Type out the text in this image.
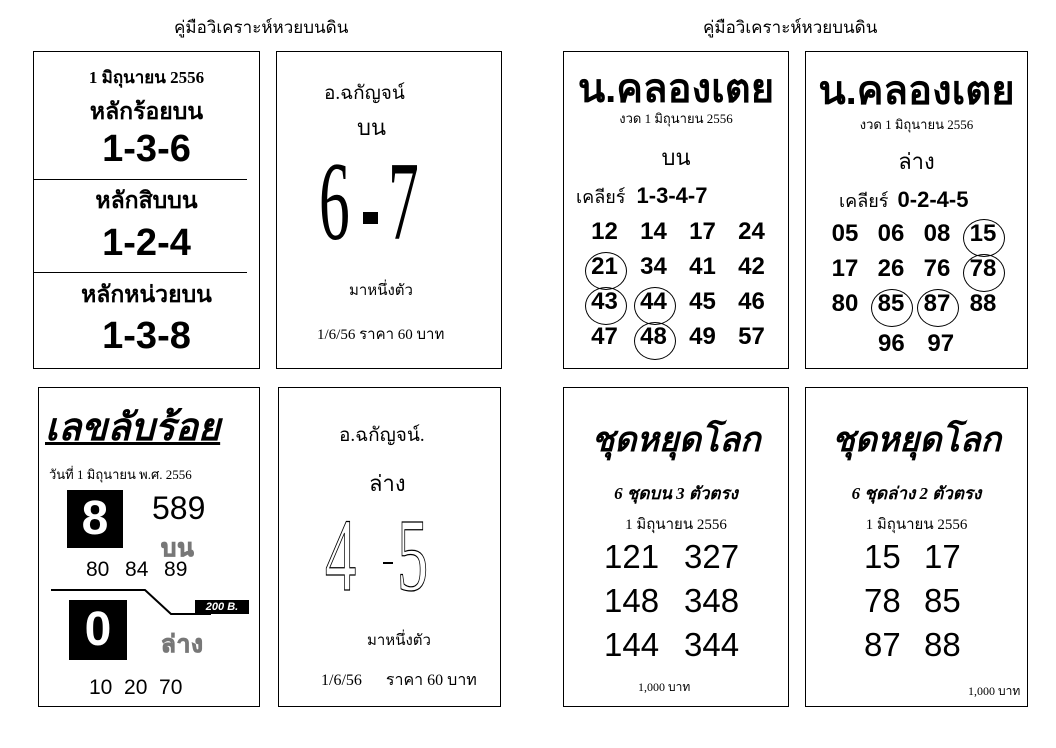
คู่มือวิเคราะห์หวยบนดิน	คู่มือวิเคราะห์หวยบนดิน
1 มิถุนายน 2556
หลักร้อยบน
1-3-6
หลักสิบบน
1-2-4
หลักหน่วยบน
1-3-8
อ.ฉกัญจน์
บน
6 7
มาหนึ่งตัว
1/6/56 ราคา 60 บาท
น.คลองเตย
งวด 1 มิถุนายน 2556
บน
เคลียร์ 1-3-4-7
12 14 17 24
21 34 41 42
43 44 45 46
47 48 49 57
น.คลองเตย
งวด 1 มิถุนายน 2556
ล่าง
เคลียร์ 0-2-4-5
05 06 08 15
17 26 76 78
80 85 87 88
96 97
เลขลับร้อย
วันที่ 1 มิถุนายน พ.ศ. 2556
8	589
บน
80  84  89
200 B.
0	ล่าง
10  20  70
อ.ฉกัญจน์.
ล่าง
4 5
มาหนึ่งตัว
1/6/56      ราคา 60 บาท
ชุดหยุดโลก
6 ชุดบน 3 ตัวตรง
1 มิถุนายน 2556
121 327
148 348
144 344
1,000 บาท
ชุดหยุดโลก
6 ชุดล่าง 2 ตัวตรง
1 มิถุนายน 2556
15 17
78 85
87 88
1,000 บาท
